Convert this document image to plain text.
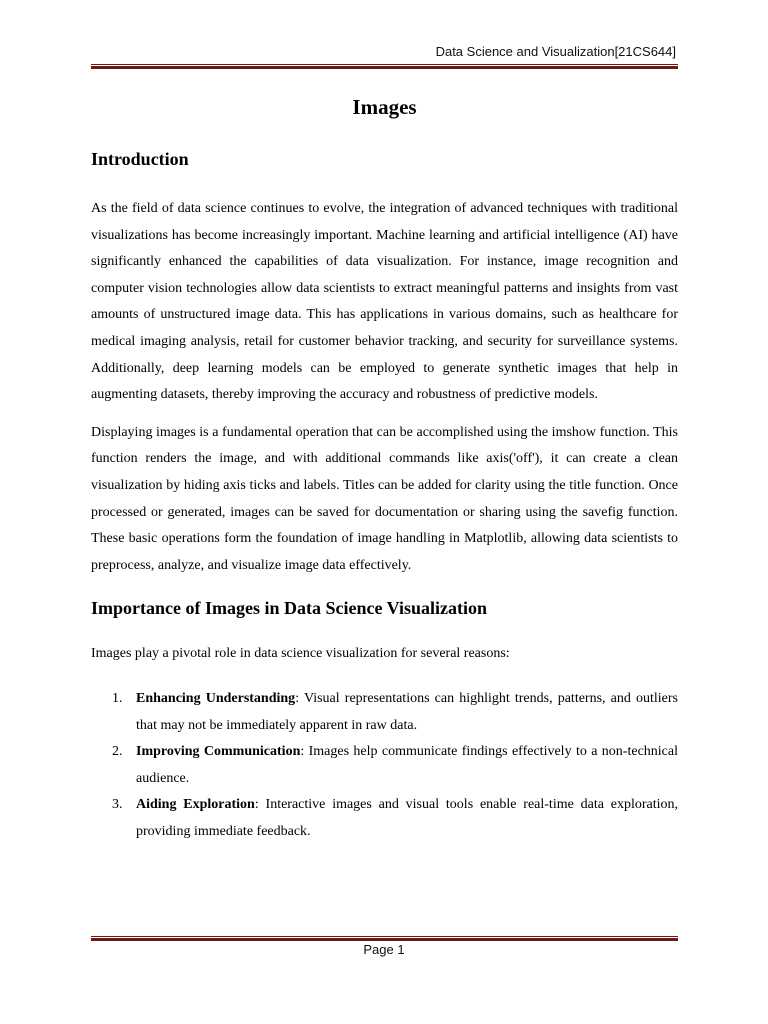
Data Science and Visualization[21CS644]
Images
Introduction

As the field of data science continues to evolve, the integration of advanced techniques with traditional visualizations has become increasingly important. Machine learning and artificial intelligence (AI) have significantly enhanced the capabilities of data visualization. For instance, image recognition and computer vision technologies allow data scientists to extract meaningful patterns and insights from vast amounts of unstructured image data. This has applications in various domains, such as healthcare for medical imaging analysis, retail for customer behavior tracking, and security for surveillance systems. Additionally, deep learning models can be employed to generate synthetic images that help in augmenting datasets, thereby improving the accuracy and robustness of predictive models.

Displaying images is a fundamental operation that can be accomplished using the imshow function. This function renders the image, and with additional commands like axis('off'), it can create a clean visualization by hiding axis ticks and labels. Titles can be added for clarity using the title function. Once processed or generated, images can be saved for documentation or sharing using the savefig function. These basic operations form the foundation of image handling in Matplotlib, allowing data scientists to preprocess, analyze, and visualize image data effectively.

Importance of Images in Data Science Visualization

Images play a pivotal role in data science visualization for several reasons:

1. Enhancing Understanding: Visual representations can highlight trends, patterns, and outliers that may not be immediately apparent in raw data.
2. Improving Communication: Images help communicate findings effectively to a non-technical audience.
3. Aiding Exploration: Interactive images and visual tools enable real-time data exploration, providing immediate feedback.
Page 1
